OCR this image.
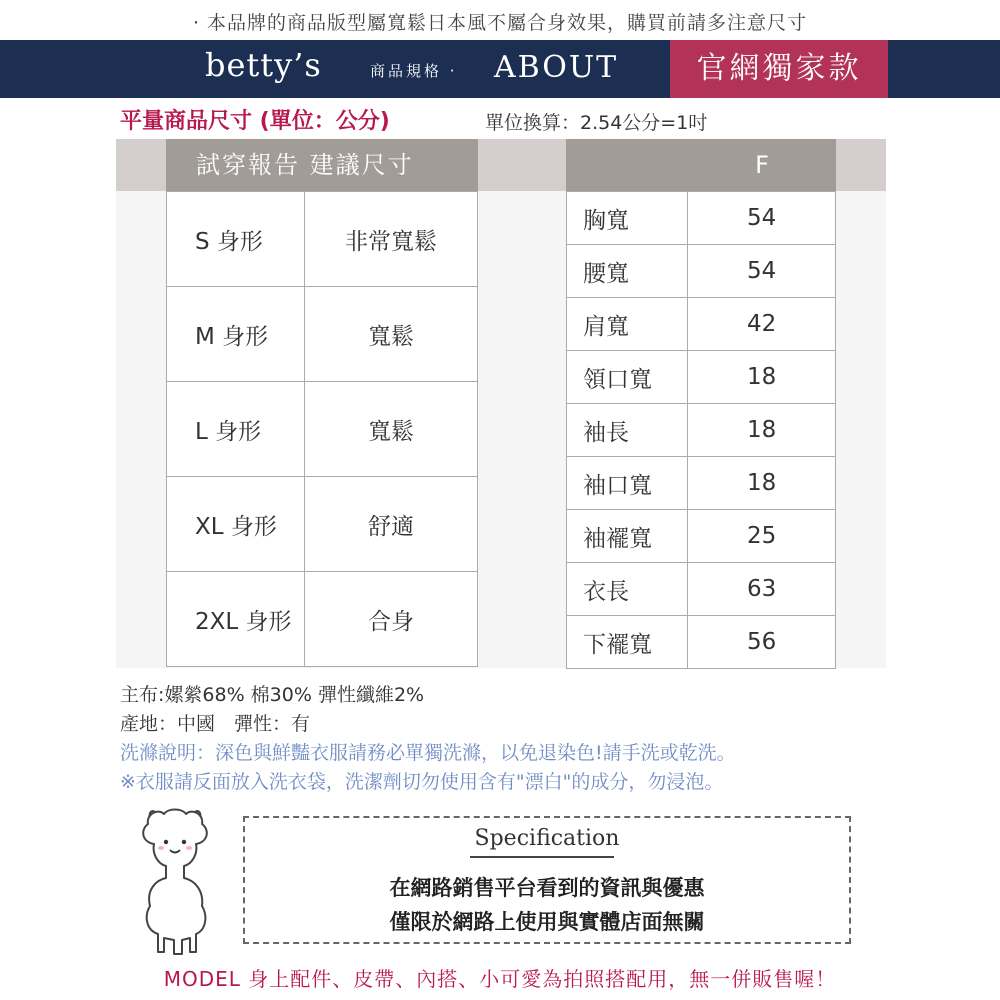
· 本品牌的商品版型屬寬鬆日本風不屬合身效果，購買前請多注意尺寸
betty’s	商品規格 · ABOUT	官網獨家款
平量商品尺寸 (單位：公分)	單位換算：2.54公分=1吋
試穿報告 建議尺寸	F
S 身形	非常寬鬆
M 身形	寬鬆
L 身形	寬鬆
XL 身形	舒適
2XL 身形	合身
胸寬	54
腰寬	54
肩寬	42
領口寬	18
袖長	18
袖口寬	18
袖襬寬	25
衣長	63
下襬寬	56
主布:嫘縈68% 棉30% 彈性纖維2%
產地：中國　彈性：有
洗滌說明：深色與鮮豔衣服請務必單獨洗滌，以免退染色!請手洗或乾洗。
※衣服請反面放入洗衣袋，洗潔劑切勿使用含有"漂白"的成分，勿浸泡。
Specification
在網路銷售平台看到的資訊與優惠
僅限於網路上使用與實體店面無關
MODEL 身上配件、皮帶、內搭、小可愛為拍照搭配用，無一併販售喔！
